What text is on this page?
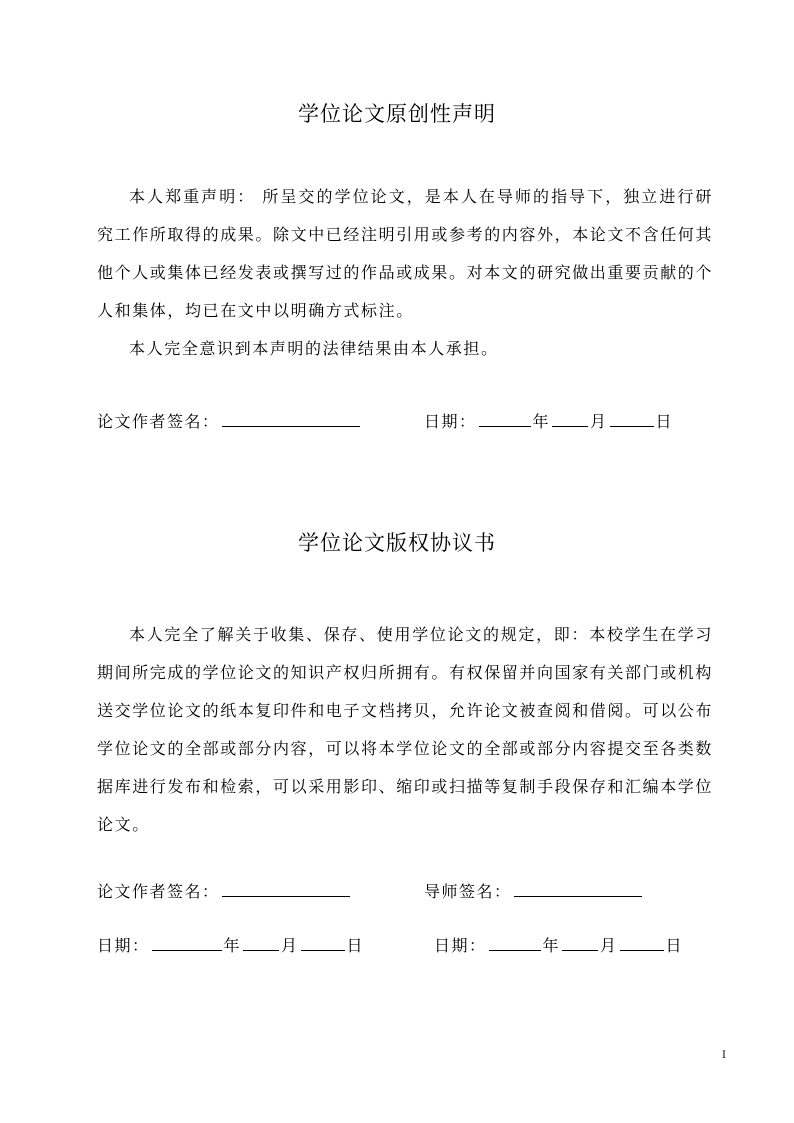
学位论文原创性声明

本人郑重声明： 所呈交的学位论文，是本人在导师的指导下，独立进行研究工作所取得的成果。除文中已经注明引用或参考的内容外，本论文不含任何其他个人或集体已经发表或撰写过的作品或成果。对本文的研究做出重要贡献的个人和集体，均已在文中以明确方式标注。

本人完全意识到本声明的法律结果由本人承担。

论文作者签名：	日期：	年	月	日
学位论文版权协议书

本人完全了解关于收集、保存、使用学位论文的规定，即：本校学生在学习期间所完成的学位论文的知识产权归所拥有。有权保留并向国家有关部门或机构送交学位论文的纸本复印件和电子文档拷贝，允许论文被查阅和借阅。可以公布学位论文的全部或部分内容，可以将本学位论文的全部或部分内容提交至各类数据库进行发布和检索，可以采用影印、缩印或扫描等复制手段保存和汇编本学位论文。

论文作者签名：	导师签名：
日期：	年	月	日	日期：	年	月	日
I
